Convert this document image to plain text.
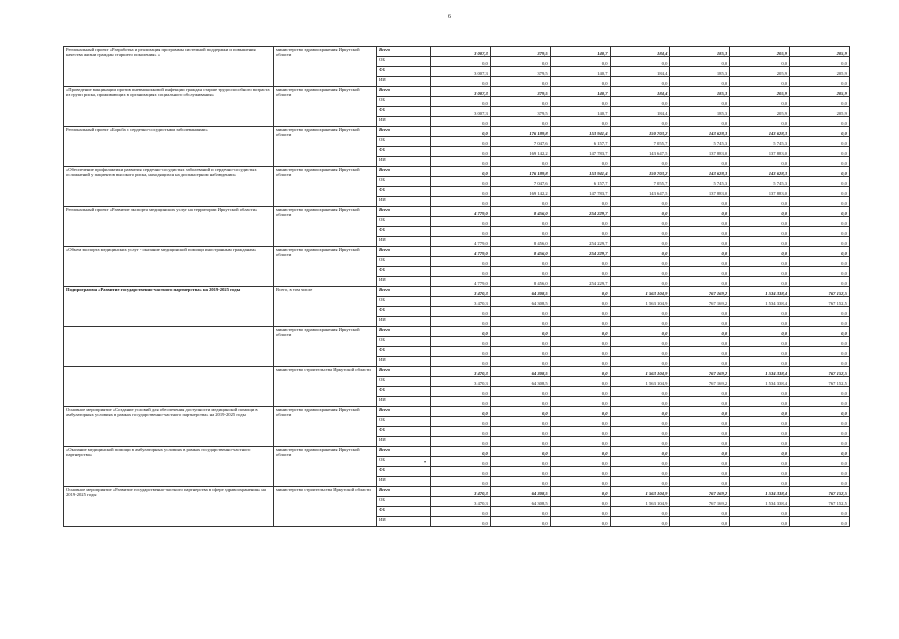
6
Региональный проект «Разработка и реализация программы системной поддержки и повышения качества жизни граждан старшего поколения» »	министерство здравоохранения Иркутской области	Всего	3 007,3	379,5	140,7	184,4	185,3	205,9	205,9
		ОБ	0,0	0,0	0,0	0,0	0,0	0,0	0,0
		ФБ	3 007,3	379,5	140,7	184,4	185,3	205,9	205,9
		ИИ	0,0	0,0	0,0	0,0	0,0	0,0	0,0
«Проведение вакцинации против пневмококковой инфекции граждан старше трудоспособного возраста из групп риска, проживающих в организациях социального обслуживания»	министерство здравоохранения Иркутской области	Всего	3 007,3	379,5	140,7	184,4	185,3	205,9	205,9
		ОБ	0,0	0,0	0,0	0,0	0,0	0,0	0,0
		ФБ	3 007,3	379,5	140,7	184,4	185,3	205,9	205,9
		ИИ	0,0	0,0	0,0	0,0	0,0	0,0	0,0
Региональный проект «Борьба с сердечно-сосудистыми заболеваниями»	министерство здравоохранения Иркутской области	Всего	0,0	176 189,8	153 941,4	150 703,2	143 628,3	143 628,3	0,0
		ОБ	0,0	7 047,6	6 157,7	7 055,7	5 745,3	5 745,3	0,0
		ФБ	0,0	169 142,2	147 783,7	143 647,5	137 883,0	137 883,0	0,0
		ИИ	0,0	0,0	0,0	0,0	0,0	0,0	0,0
«Обеспечение профилактики развития сердечно-сосудистых заболеваний и сердечно-сосудистых осложнений у пациентов высокого риска, находящихся на диспансерном наблюдении»	министерство здравоохранения Иркутской области	Всего	0,0	176 189,8	153 941,4	150 703,2	143 628,3	143 628,3	0,0
		ОБ	0,0	7 047,6	6 157,7	7 055,7	5 745,3	5 745,3	0,0
		ФБ	0,0	169 142,2	147 783,7	143 647,5	137 883,0	137 883,0	0,0
		ИИ	0,0	0,0	0,0	0,0	0,0	0,0	0,0
Региональный проект «Развитие экспорта медицинских услуг на территории Иркутской области»	министерство здравоохранения Иркутской области	Всего	4 779,0	8 456,0	254 229,7	0,0	0,0	0,0	0,0
		ОБ	0,0	0,0	0,0	0,0	0,0	0,0	0,0
		ФБ	0,0	0,0	0,0	0,0	0,0	0,0	0,0
		ИИ	4 779,0	8 456,0	254 229,7	0,0	0,0	0,0	0,0
«Объем экспорта медицинских услуг - оказание медицинской помощи иностранным гражданам»	министерство здравоохранения Иркутской области	Всего	4 779,0	8 456,0	254 229,7	0,0	0,0	0,0	0,0
		ОБ	0,0	0,0	0,0	0,0	0,0	0,0	0,0
		ФБ	0,0	0,0	0,0	0,0	0,0	0,0	0,0
		ИИ	4 779,0	8 456,0	254 229,7	0,0	0,0	0,0	0,0
Подпрограмма «Развитие государственно-частного партнерства» на 2019-2025 годы	Всего, в том числе	Всего	3 470,3	64 308,5	0,0	1 563 104,9	767 169,2	1 534 338,4	767 152,5
		ОБ	3 470,3	64 308,5	0,0	1 563 104,9	767 169,2	1 534 338,4	767 152,5
		ФБ	0,0	0,0	0,0	0,0	0,0	0,0	0,0
		ИИ	0,0	0,0	0,0	0,0	0,0	0,0	0,0
	министерство здравоохранения Иркутской области	Всего	0,0	0,0	0,0	0,0	0,0	0,0	0,0
		ОБ	0,0	0,0	0,0	0,0	0,0	0,0	0,0
		ФБ	0,0	0,0	0,0	0,0	0,0	0,0	0,0
		ИИ	0,0	0,0	0,0	0,0	0,0	0,0	0,0
	министерство строительства Иркутской области	Всего	3 470,3	64 308,5	0,0	1 563 104,9	767 169,2	1 534 338,4	767 152,5
		ОБ	3 470,3	64 308,5	0,0	1 563 104,9	767 169,2	1 534 338,4	767 152,5
		ФБ	0,0	0,0	0,0	0,0	0,0	0,0	0,0
		ИИ	0,0	0,0	0,0	0,0	0,0	0,0	0,0
Основное мероприятие «Создание условий для обеспечения доступности медицинской помощи в амбулаторных условиях в рамках государственно-частного партнерства» на 2019-2025 годы	министерство здравоохранения Иркутской области	Всего	0,0	0,0	0,0	0,0	0,0	0,0	0,0
		ОБ	0,0	0,0	0,0	0,0	0,0	0,0	0,0
		ФБ	0,0	0,0	0,0	0,0	0,0	0,0	0,0
		ИИ	0,0	0,0	0,0	0,0	0,0	0,0	0,0
«Оказание медицинской помощи в амбулаторных условиях в рамках государственно-частного партнерства»	министерство здравоохранения Иркутской области	Всего	0,0	0,0	0,0	0,0	0,0	0,0	0,0
		ОБ	0,0	0,0	0,0	0,0	0,0	0,0	0,0
		ФБ	0,0	0,0	0,0	0,0	0,0	0,0	0,0
		ИИ	0,0	0,0	0,0	0,0	0,0	0,0	0,0
Основное мероприятие «Развитие государственно-частного партнерства в сфере здравоохранения» на 2019-2025 годы	министерство строительства Иркутской области	Всего	3 470,3	64 308,5	0,0	1 563 104,9	767 169,2	1 534 338,4	767 152,5
		ОБ	3 470,3	64 308,5	0,0	1 563 104,9	767 169,2	1 534 338,4	767 152,5
		ФБ	0,0	0,0	0,0	0,0	0,0	0,0	0,0
		ИИ	0,0	0,0	0,0	0,0	0,0	0,0	0,0
•
